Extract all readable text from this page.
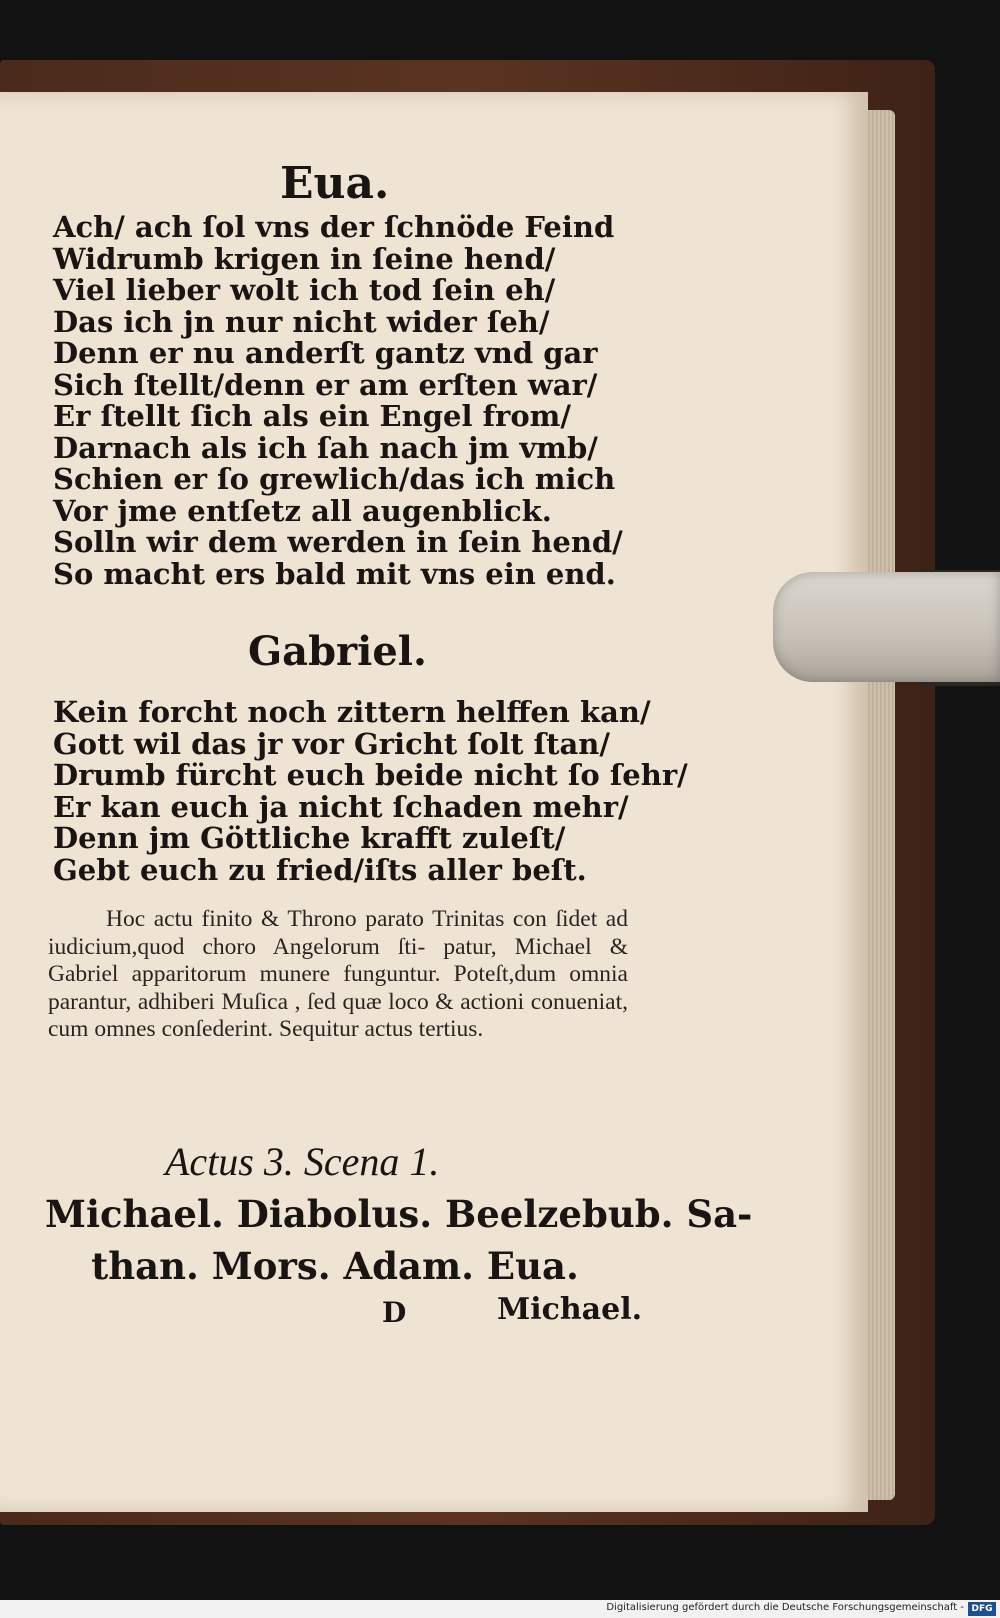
Eua.
Ach/ ach ſol vns der ſchnöde Feind
Widrumb krigen in ſeine hend/
Viel lieber wolt ich tod ſein eh/
Das ich jn nur nicht wider ſeh/
Denn er nu anderſt gantz vnd gar
Sich ſtellt/denn er am erſten war/
Er ſtellt ſich als ein Engel from/
Darnach als ich ſah nach jm vmb/
Schien er ſo grewlich/das ich mich
Vor jme entſetz all augenblick.
Solln wir dem werden in ſein hend/
So macht ers bald mit vns ein end.
Gabriel.
Kein forcht noch zittern helffen kan/
Gott wil das jr vor Gricht ſolt ſtan/
Drumb fürcht euch beide nicht ſo ſehr/
Er kan euch ja nicht ſchaden mehr/
Denn jm Göttliche krafft zuleſt/
Gebt euch zu fried/iſts aller beſt.

Hoc actu finito & Throno parato Trinitas con ſidet ad iudicium,quod choro Angelorum ſti- patur, Michael & Gabriel apparitorum munere funguntur. Poteſt,dum omnia parantur, adhiberi Muſica , ſed quæ loco & actioni conueniat, cum omnes conſederint. Sequitur actus tertius.

Actus 3. Scena 1.

Michael. Diabolus. Beelzebub. Sa-

than. Mors. Adam. Eua.

D	Michael.
Digitalisierung gefördert durch die Deutsche Forschungsgemeinschaft - DFG
